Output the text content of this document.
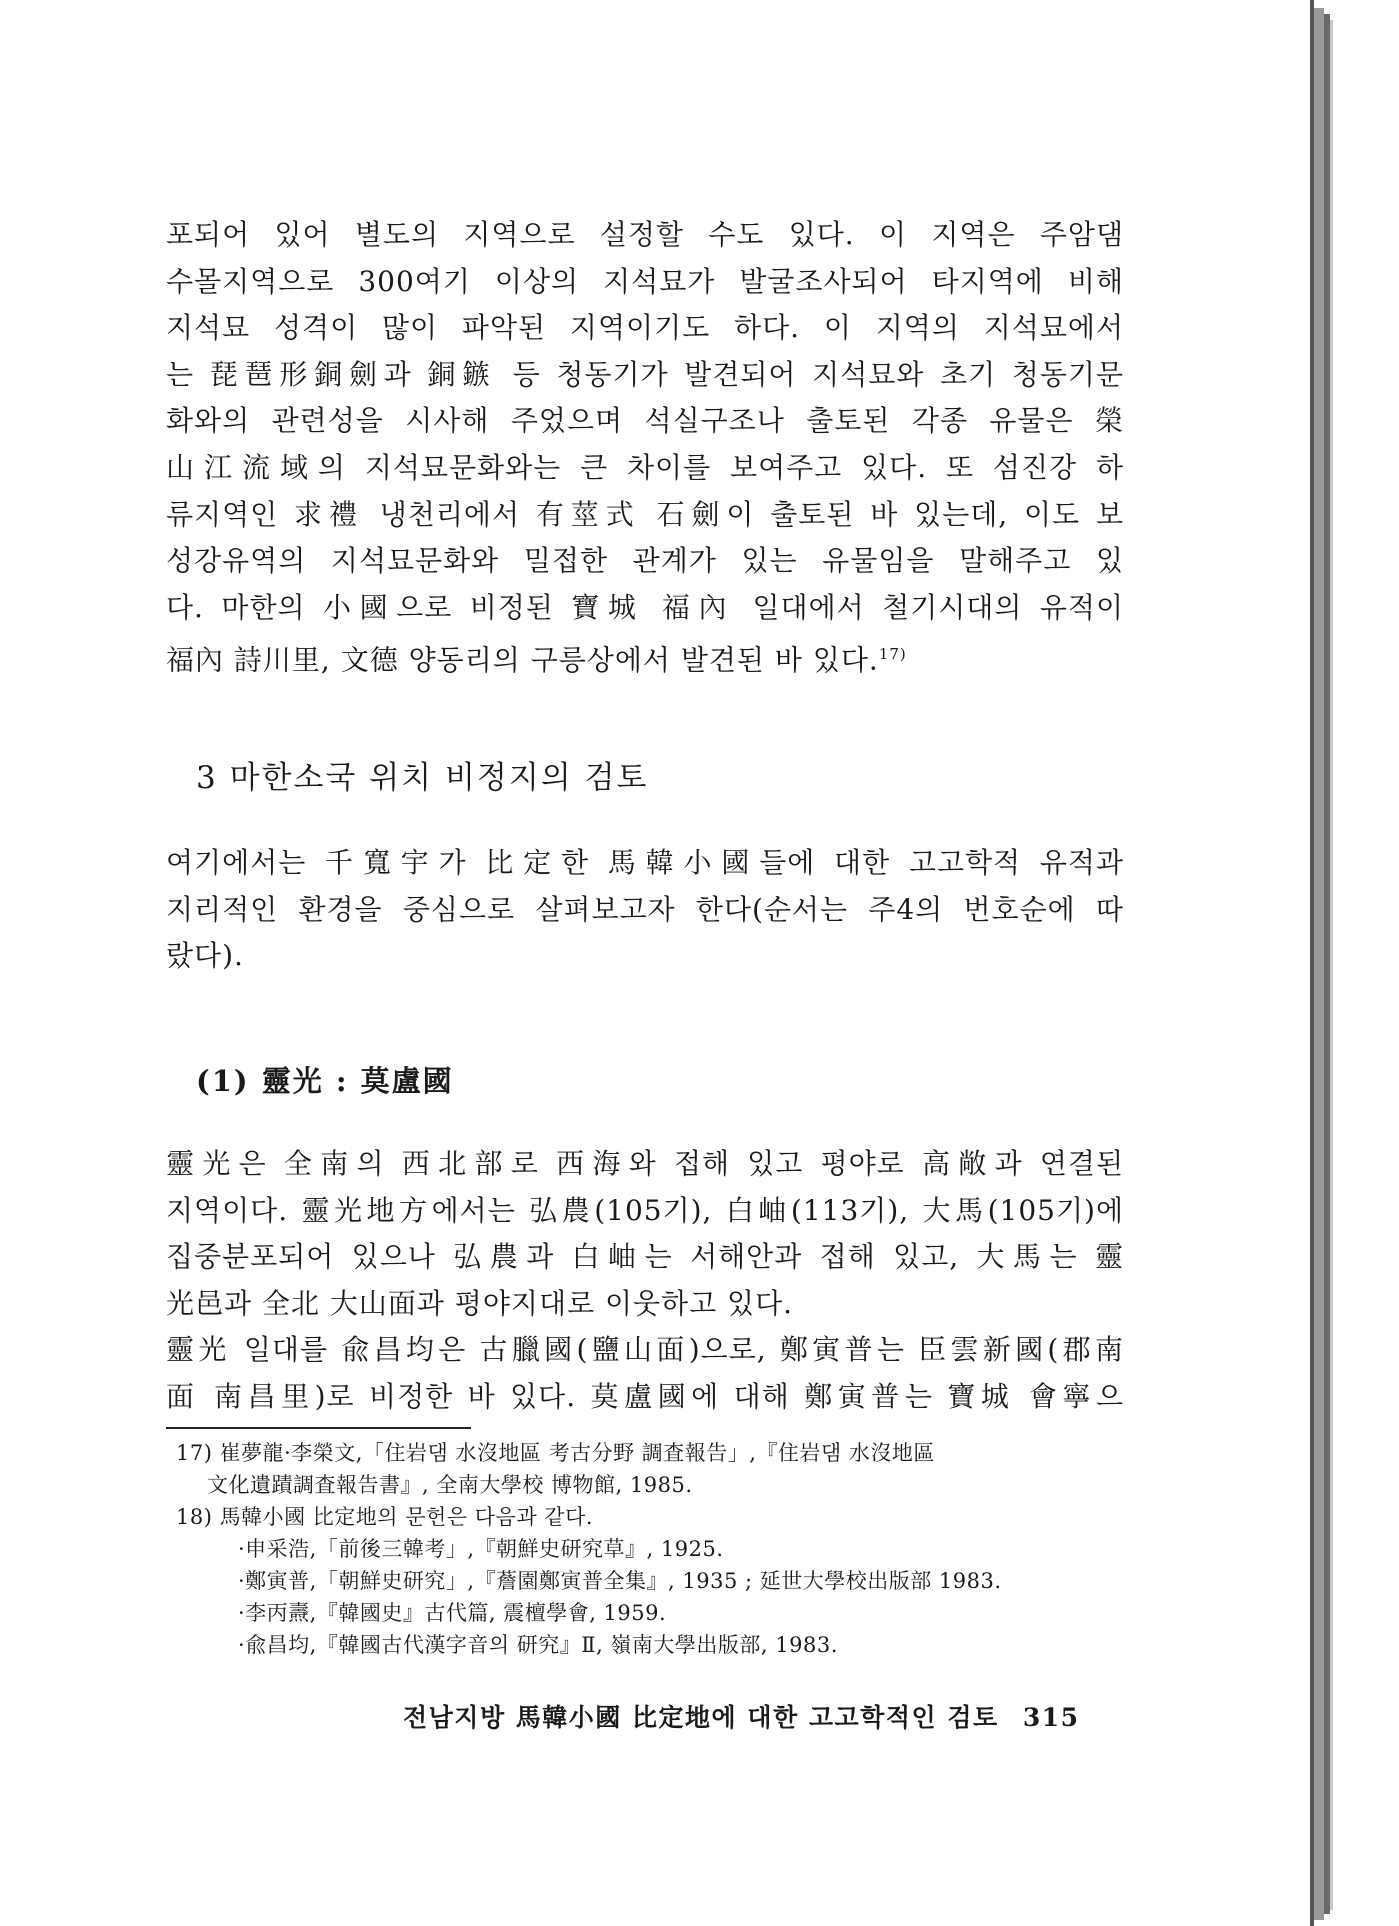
포되어 있어 별도의 지역으로 설정할 수도 있다. 이 지역은 주암댐
수몰지역으로 300여기 이상의 지석묘가 발굴조사되어 타지역에 비해
지석묘 성격이 많이 파악된 지역이기도 하다. 이 지역의 지석묘에서
는 琵琶形銅劍과 銅鏃 등 청동기가 발견되어 지석묘와 초기 청동기문
화와의 관련성을 시사해 주었으며 석실구조나 출토된 각종 유물은 榮
山江流域의 지석묘문화와는 큰 차이를 보여주고 있다. 또 섬진강 하
류지역인 求禮 냉천리에서 有莖式 石劍이 출토된 바 있는데, 이도 보
성강유역의 지석묘문화와 밀접한 관계가 있는 유물임을 말해주고 있
다. 마한의 小國으로 비정된 寶城 福內 일대에서 철기시대의 유적이
福內 詩川里, 文德 양동리의 구릉상에서 발견된 바 있다.$^{17)}$
3 마한소국 위치 비정지의 검토
여기에서는 千寬宇가 比定한 馬韓小國들에 대한 고고학적 유적과
지리적인 환경을 중심으로 살펴보고자 한다(순서는 주4의 번호순에 따
랐다).
(1) 靈光 : 莫盧國
靈光은 全南의 西北部로 西海와 접해 있고 평야로 高敞과 연결된
지역이다. 靈光地方에서는 弘農(105기), 白岫(113기), 大馬(105기)에
집중분포되어 있으나 弘農과 白岫는 서해안과 접해 있고, 大馬는 靈
光邑과 全北 大山面과 평야지대로 이웃하고 있다.
靈光 일대를 兪昌均은 古臘國(鹽山面)으로, 鄭寅普는 臣雲新國(郡南
面 南昌里)로 비정한 바 있다. 莫盧國에 대해 鄭寅普는 寶城 會寧으
17) 崔夢龍·李榮文,「住岩댐 水沒地區 考古分野 調査報告」,『住岩댐 水沒地區
文化遺蹟調査報告書』, 全南大學校 博物館, 1985.
18) 馬韓小國 比定地의 문헌은 다음과 같다.
·申采浩,「前後三韓考」,『朝鮮史研究草』, 1925.
·鄭寅普,「朝鮮史研究」,『薝園鄭寅普全集』, 1935 ; 延世大學校出版部 1983.
·李丙燾,『韓國史』古代篇, 震檀學會, 1959.
·兪昌均,『韓國古代漢字音의 研究』Ⅱ, 嶺南大學出版部, 1983.
전남지방 馬韓小國 比定地에 대한 고고학적인 검토 315
